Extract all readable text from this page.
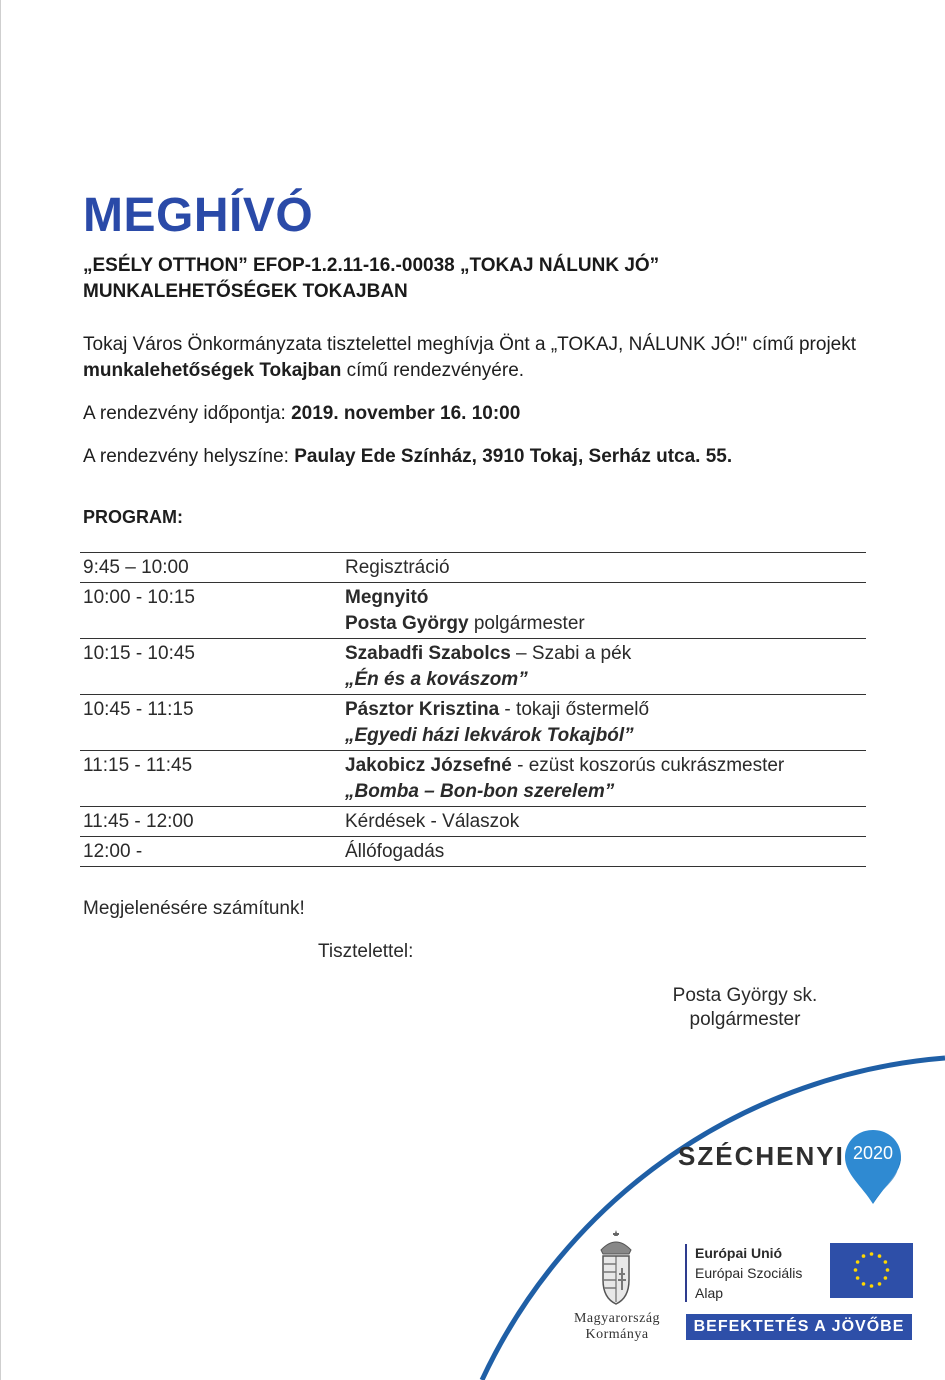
MEGHÍVÓ
„ESÉLY OTTHON” EFOP-1.2.11-16.-00038 „TOKAJ NÁLUNK JÓ”
MUNKALEHETŐSÉGEK TOKAJBAN
Tokaj Város Önkormányzata tisztelettel meghívja Önt a „TOKAJ, NÁLUNK JÓ!" című projekt munkalehetőségek Tokajban című rendezvényére.
A rendezvény időpontja: 2019. november 16. 10:00
A rendezvény helyszíne: Paulay Ede Színház, 3910 Tokaj, Serház utca. 55.
PROGRAM:
9:45 – 10:00	Regisztráció
10:00 - 10:15	Megnyitó
Posta György polgármester
10:15 - 10:45	Szabadfi Szabolcs – Szabi a pék
„Én és a kovászom”
10:45 - 11:15	Pásztor Krisztina - tokaji őstermelő
„Egyedi házi lekvárok Tokajból”
11:15 - 11:45	Jakobicz Józsefné - ezüst koszorús cukrászmester
„Bomba – Bon-bon szerelem”
11:45 - 12:00	Kérdések - Válaszok
12:00 -	Állófogadás
Megjelenésére számítunk!
Tisztelettel:
Posta György sk.
polgármester
SZÉCHENYI 2020
Magyarország
Kormánya
Európai Unió
Európai Szociális
Alap
BEFEKTETÉS A JÖVŐBE
